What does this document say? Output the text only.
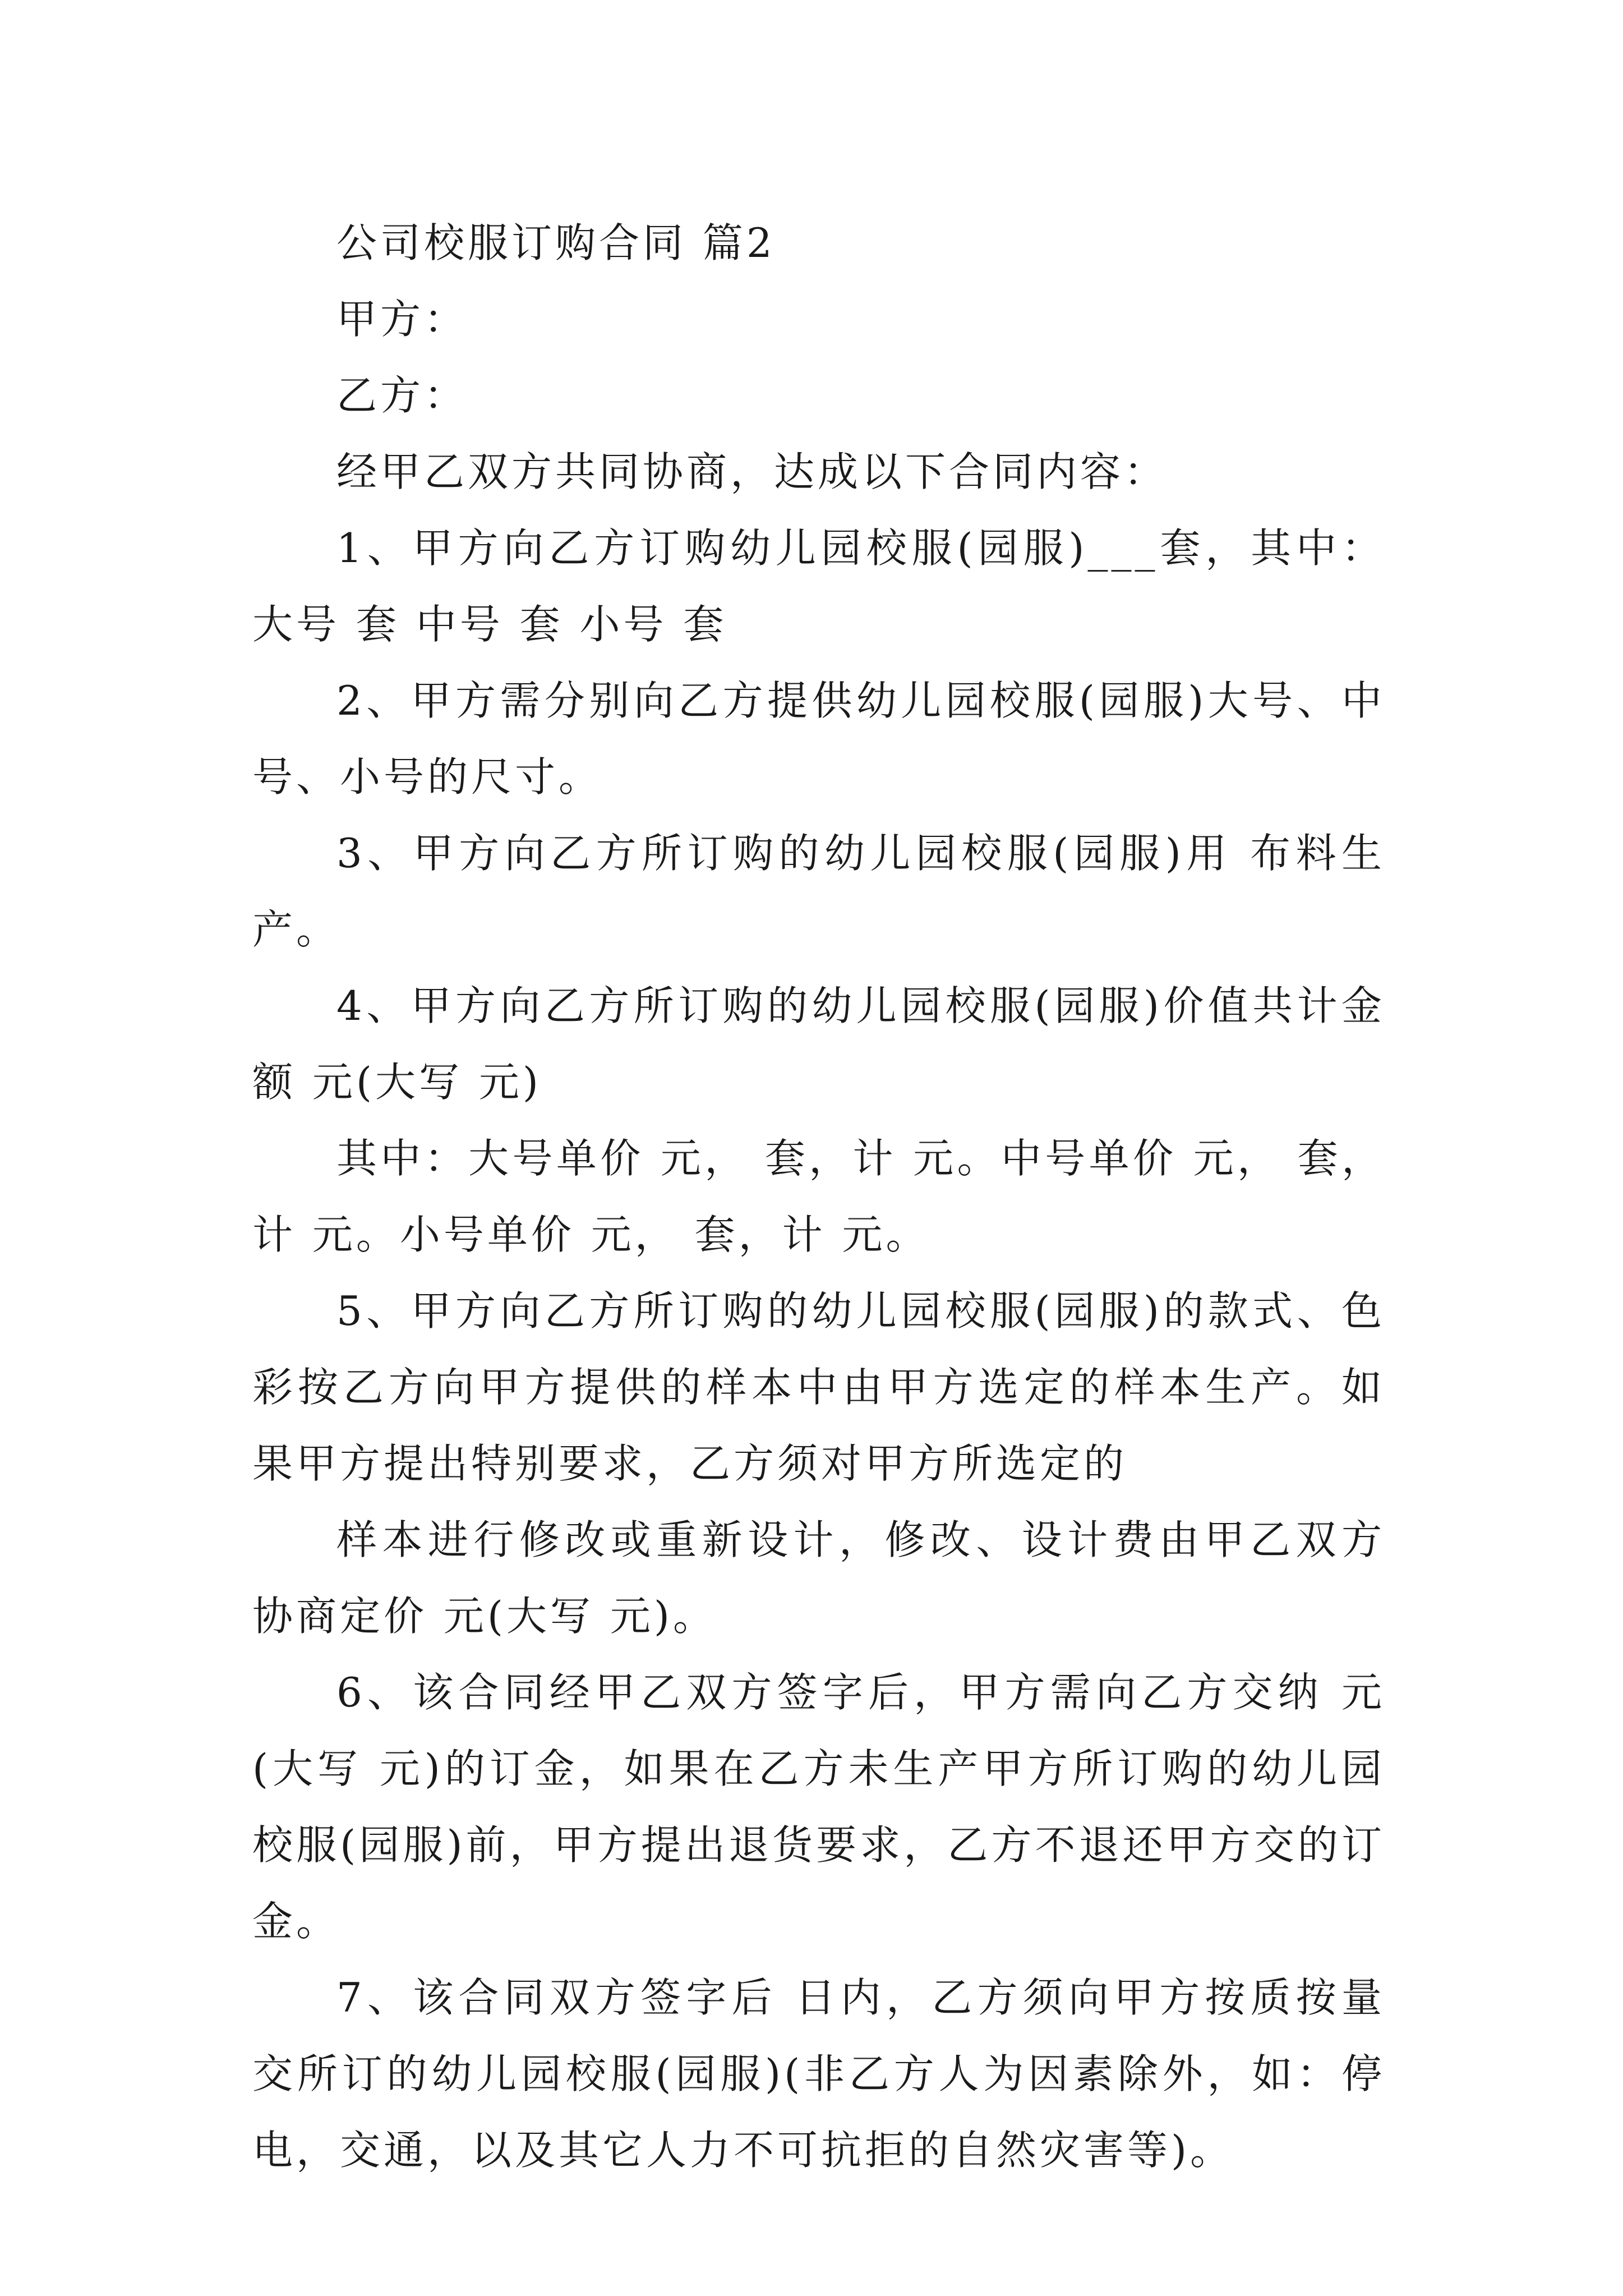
公司校服订购合同 篇2

甲方：

乙方：

经甲乙双方共同协商，达成以下合同内容：

1、甲方向乙方订购幼儿园校服(园服)___套，其中：大号 套 中号 套 小号 套

2、甲方需分别向乙方提供幼儿园校服(园服)大号、中号、小号的尺寸。

3、甲方向乙方所订购的幼儿园校服(园服)用 布料生产。

4、甲方向乙方所订购的幼儿园校服(园服)价值共计金额 元(大写 元)

其中：大号单价 元， 套，计 元。中号单价 元， 套，计 元。小号单价 元， 套，计 元。

5、甲方向乙方所订购的幼儿园校服(园服)的款式、色彩按乙方向甲方提供的样本中由甲方选定的样本生产。如果甲方提出特别要求，乙方须对甲方所选定的

样本进行修改或重新设计，修改、设计费由甲乙双方协商定价 元(大写 元)。

6、该合同经甲乙双方签字后，甲方需向乙方交纳 元(大写 元)的订金，如果在乙方未生产甲方所订购的幼儿园校服(园服)前，甲方提出退货要求，乙方不退还甲方交的订金。

7、该合同双方签字后 日内，乙方须向甲方按质按量交所订的幼儿园校服(园服)(非乙方人为因素除外，如：停电，交通，以及其它人力不可抗拒的自然灾害等)。
